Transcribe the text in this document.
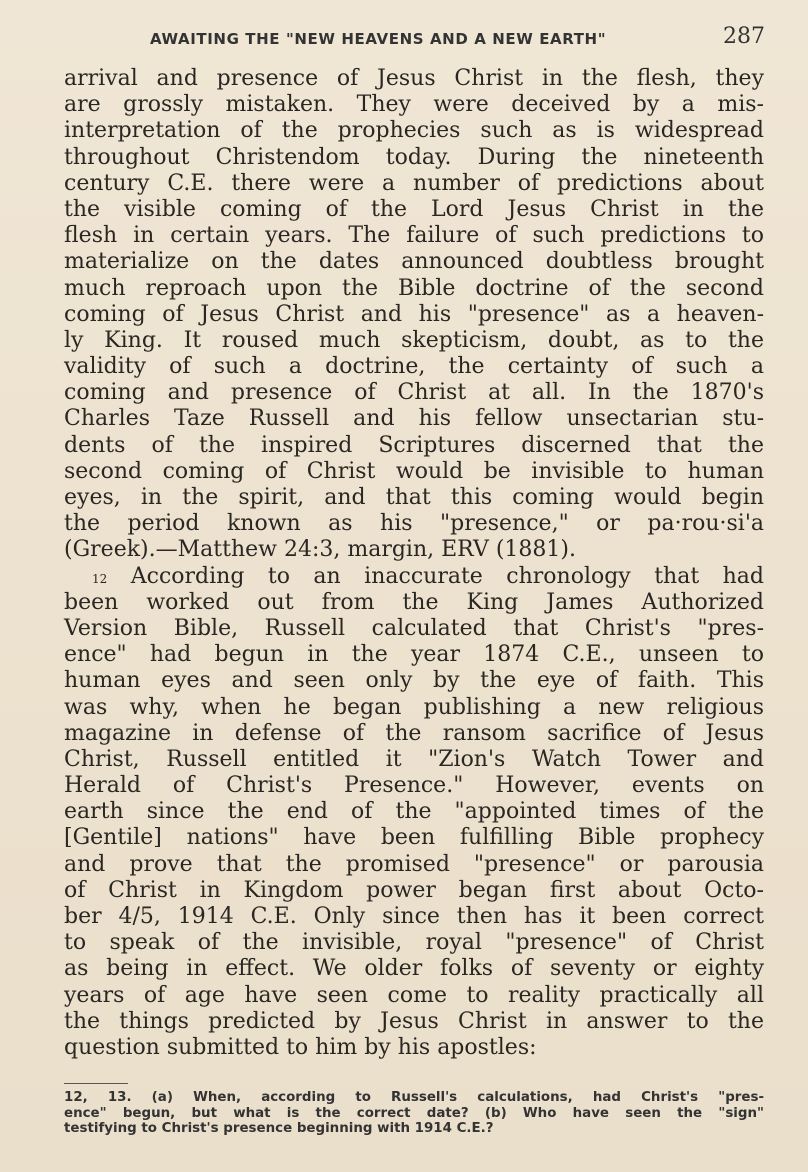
AWAITING THE "NEW HEAVENS AND A NEW EARTH"	287
arrival and presence of Jesus Christ in the flesh, they
are grossly mistaken. They were deceived by a mis-
interpretation of the prophecies such as is widespread
throughout Christendom today. During the nineteenth
century C.E. there were a number of predictions about
the visible coming of the Lord Jesus Christ in the
flesh in certain years. The failure of such predictions to
materialize on the dates announced doubtless brought
much reproach upon the Bible doctrine of the second
coming of Jesus Christ and his "presence" as a heaven-
ly King. It roused much skepticism, doubt, as to the
validity of such a doctrine, the certainty of such a
coming and presence of Christ at all. In the 1870's
Charles Taze Russell and his fellow unsectarian stu-
dents of the inspired Scriptures discerned that the
second coming of Christ would be invisible to human
eyes, in the spirit, and that this coming would begin
the period known as his "presence," or pa·rou·si'a
(Greek).—Matthew 24:3, margin, ERV (1881).
$^{12}$ According to an inaccurate chronology that had
been worked out from the King James Authorized
Version Bible, Russell calculated that Christ's "pres-
ence" had begun in the year 1874 C.E., unseen to
human eyes and seen only by the eye of faith. This
was why, when he began publishing a new religious
magazine in defense of the ransom sacrifice of Jesus
Christ, Russell entitled it "Zion's Watch Tower and
Herald of Christ's Presence." However, events on
earth since the end of the "appointed times of the
[Gentile] nations" have been fulfilling Bible prophecy
and prove that the promised "presence" or parousia
of Christ in Kingdom power began first about Octo-
ber 4/5, 1914 C.E. Only since then has it been correct
to speak of the invisible, royal "presence" of Christ
as being in effect. We older folks of seventy or eighty
years of age have seen come to reality practically all
the things predicted by Jesus Christ in answer to the
question submitted to him by his apostles:
12, 13. (a) When, according to Russell's calculations, had Christ's "pres-
ence" begun, but what is the correct date? (b) Who have seen the "sign"
testifying to Christ's presence beginning with 1914 C.E.?
